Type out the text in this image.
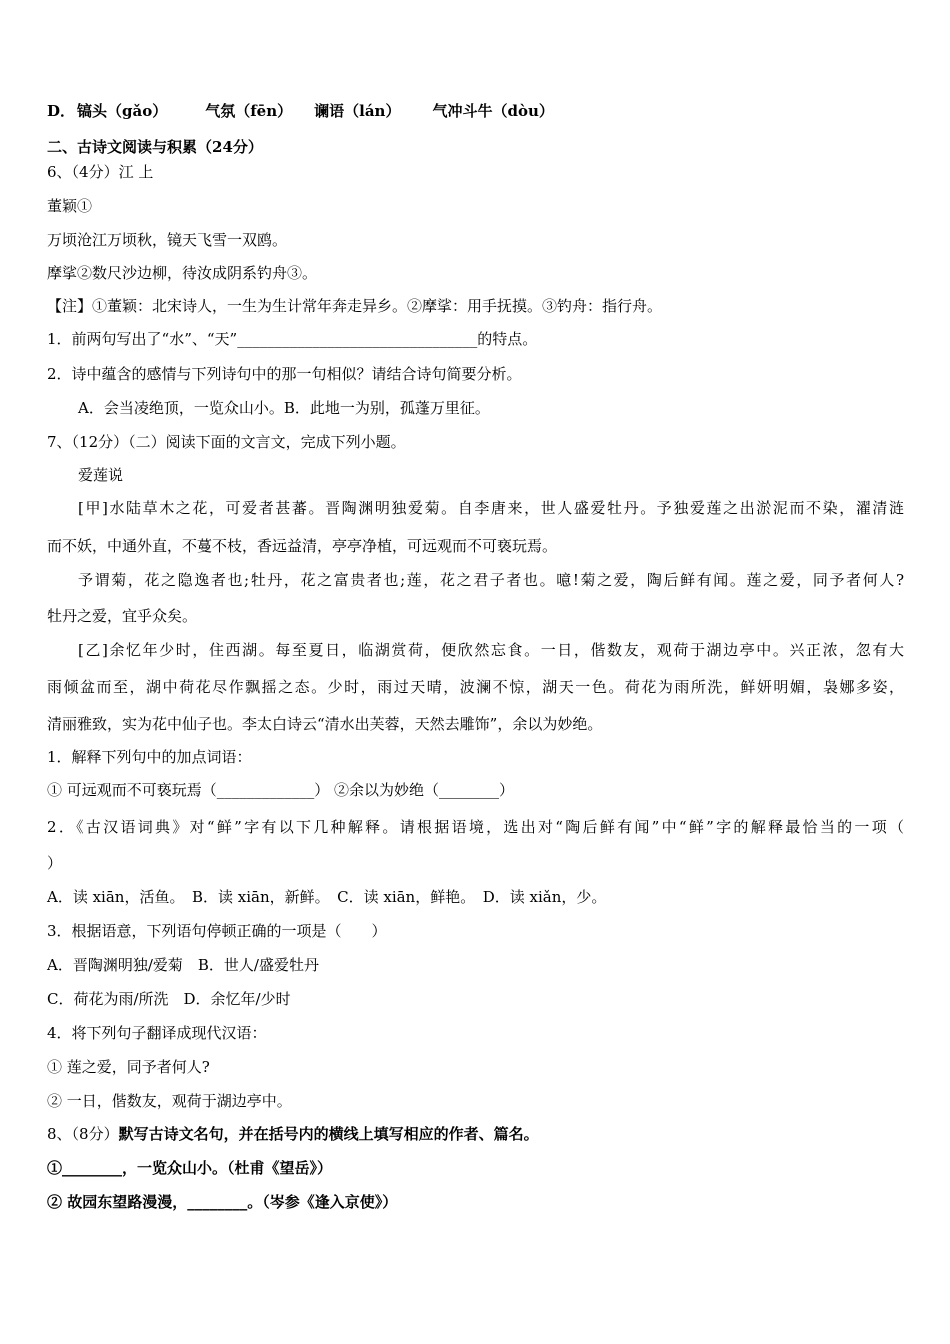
D． 镐头（gǎo）	气氛（fēn） 谰语（lán） 气冲斗牛（dòu）
二、古诗文阅读与积累（24分）
6、（4分）江 上
董颖①
万顷沧江万顷秋，镜天飞雪一双鸥。
摩挲②数尺沙边柳，待汝成阴系钓舟③。
【注】①董颖：北宋诗人，一生为生计常年奔走异乡。②摩挲：用手抚摸。③钓舟：指行舟。
1．前两句写出了“水”、“天”________________________________的特点。
2．诗中蕴含的感情与下列诗句中的那一句相似？请结合诗句简要分析。
A．会当凌绝顶，一览众山小。B．此地一为别，孤蓬万里征。
7、（12分）（二）阅读下面的文言文，完成下列小题。
爱莲说
[甲]水陆草木之花，可爱者甚蕃。晋陶渊明独爱菊。自李唐来，世人盛爱牡丹。予独爱莲之出淤泥而不染，濯清涟
而不妖，中通外直，不蔓不枝，香远益清，亭亭净植，可远观而不可亵玩焉。
予谓菊，花之隐逸者也;牡丹，花之富贵者也;莲，花之君子者也。噫!菊之爱，陶后鲜有闻。莲之爱，同予者何人?
牡丹之爱，宜乎众矣。
[乙]余忆年少时，住西湖。每至夏日，临湖赏荷，便欣然忘食。一日，偕数友，观荷于湖边亭中。兴正浓，忽有大
雨倾盆而至，湖中荷花尽作飘摇之态。少时，雨过天晴，波澜不惊，湖天一色。荷花为雨所洗，鲜妍明媚，袅娜多姿，
清丽雅致，实为花中仙子也。李太白诗云“清水出芙蓉，天然去雕饰”，余以为妙绝。
1．解释下列句中的加点词语：
① 可远观而不可亵玩焉（_____________） ②余以为妙绝（________）
2．《古汉语词典》对“鲜”字有以下几种解释。请根据语境，选出对“陶后鲜有闻”中“鲜”字的解释最恰当的一项（
）
A．读 xiān，活鱼。　B．读 xiān，新鲜。　C．读 xiān，鲜艳。　D．读 xiǎn，少。
3．根据语意，下列语句停顿正确的一项是（　　）
A．晋陶渊明独/爱菊　B．世人/盛爱牡丹
C．荷花为雨/所洗　D．余忆年/少时
4．将下列句子翻译成现代汉语：
① 莲之爱，同予者何人?
② 一日，偕数友，观荷于湖边亭中。
8、（8分）默写古诗文名句，并在括号内的横线上填写相应的作者、篇名。
①________，一览众山小。（杜甫《望岳》）
② 故园东望路漫漫，________。（岑参《逢入京使》）
